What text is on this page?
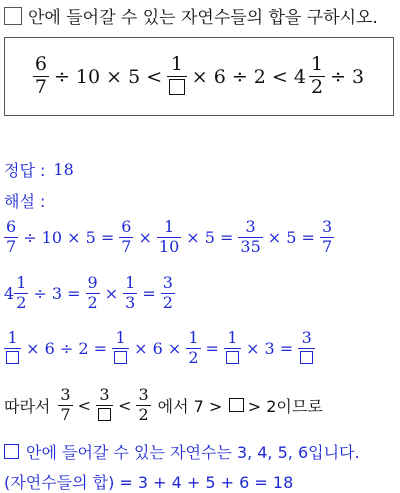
안에 들어갈 수 있는 자연수들의 합을 구하시오.
$\frac{6}{7} \div 10 \times 5$ <
1
× $6 \div 2 < 4 \frac{1}{2} \div 3$
정답 : 18
해설 :
$\frac{6}{7} \div 10 \times 5 = \frac{6}{7} \times \frac{1}{10} \times 5 = \frac{3}{35} \times 5 = \frac{3}{7}$
$4 \frac{1}{2} \div 3 = \frac{9}{2} \times \frac{1}{3} = \frac{3}{2}$
1
× 6 ÷ 2 =
1
× $6 \times \frac{1}{2}$ =
1
× 3 =
3
따라서 $\frac{3}{7}$ <
3
< $\frac{3}{2}$ 에서 7 > > 2이므로
안에 들어갈 수 있는 자연수는 3, 4, 5, 6입니다.
(자연수들의 합) = 3 + 4 + 5 + 6 = 18
